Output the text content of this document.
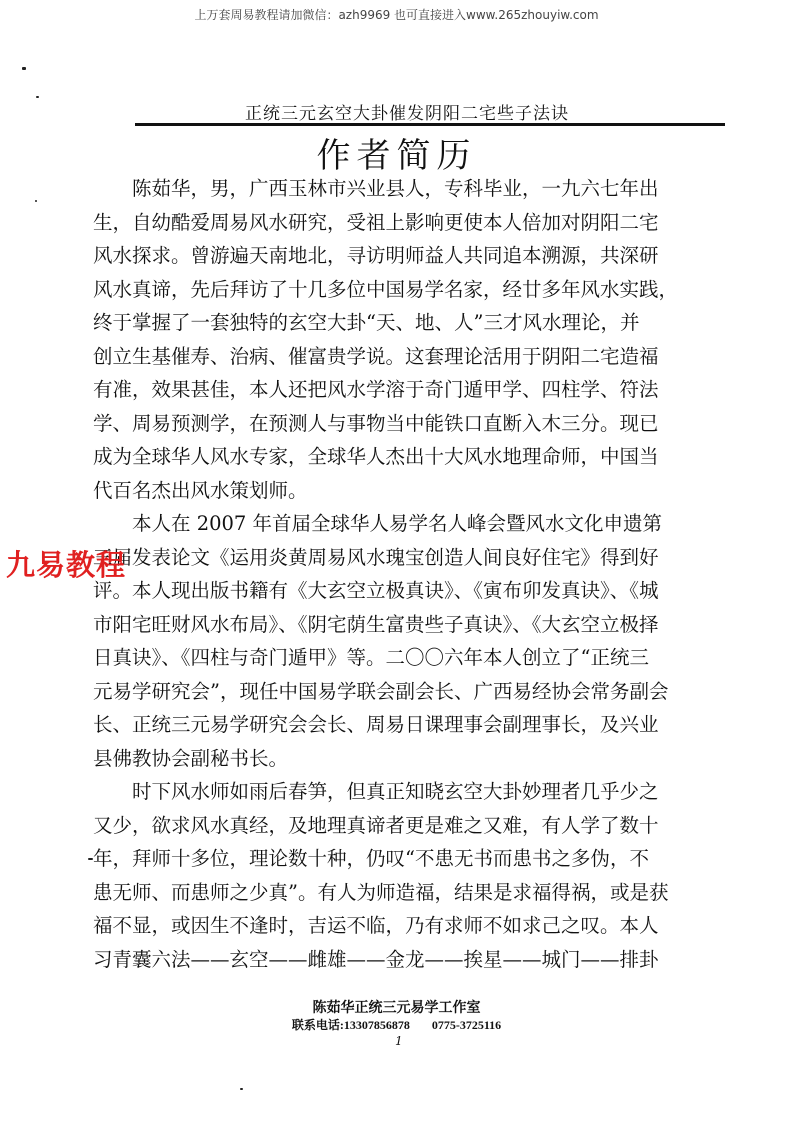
上万套周易教程请加微信：azh9969 也可直接进入www.265zhouyiw.com
正统三元玄空大卦催发阴阳二宅些子法诀
作者简历

陈茹华，男，广西玉林市兴业县人，专科毕业，一九六七年出
生，自幼酷爱周易风水研究，受祖上影响更使本人倍加对阴阳二宅
风水探求。曾游遍天南地北，寻访明师益人共同追本溯源，共深研
风水真谛，先后拜访了十几多位中国易学名家，经廿多年风水实践，
终于掌握了一套独特的玄空大卦“天、地、人”三才风水理论，并
创立生基催寿、治病、催富贵学说。这套理论活用于阴阳二宅造福
有准，效果甚佳，本人还把风水学溶于奇门遁甲学、四柱学、符法
学、周易预测学，在预测人与事物当中能铁口直断入木三分。现已
成为全球华人风水专家，全球华人杰出十大风水地理命师，中国当
代百名杰出风水策划师。

本人在 2007 年首届全球华人易学名人峰会暨风水文化申遗第
三届发表论文《运用炎黄周易风水瑰宝创造人间良好住宅》得到好
评。本人现出版书籍有《大玄空立极真诀》、《寅布卯发真诀》、《城
市阳宅旺财风水布局》、《阴宅荫生富贵些子真诀》、《大玄空立极择
日真诀》、《四柱与奇门遁甲》等。二〇〇六年本人创立了“正统三
元易学研究会”，现任中国易学联会副会长、广西易经协会常务副会
长、正统三元易学研究会会长、周易日课理事会副理事长，及兴业
县佛教协会副秘书长。

时下风水师如雨后春笋，但真正知晓玄空大卦妙理者几乎少之
又少，欲求风水真经，及地理真谛者更是难之又难，有人学了数十
年，拜师十多位，理论数十种，仍叹“不患无书而患书之多伪，不
患无师、而患师之少真”。有人为师造福，结果是求福得祸，或是获
福不显，或因生不逢时，吉运不临，乃有求师不如求己之叹。本人
习青囊六法——玄空——雌雄——金龙——挨星——城门——排卦

九易教程
陈茹华正统三元易学工作室
联系电话:13307856878 0775-3725116
1
